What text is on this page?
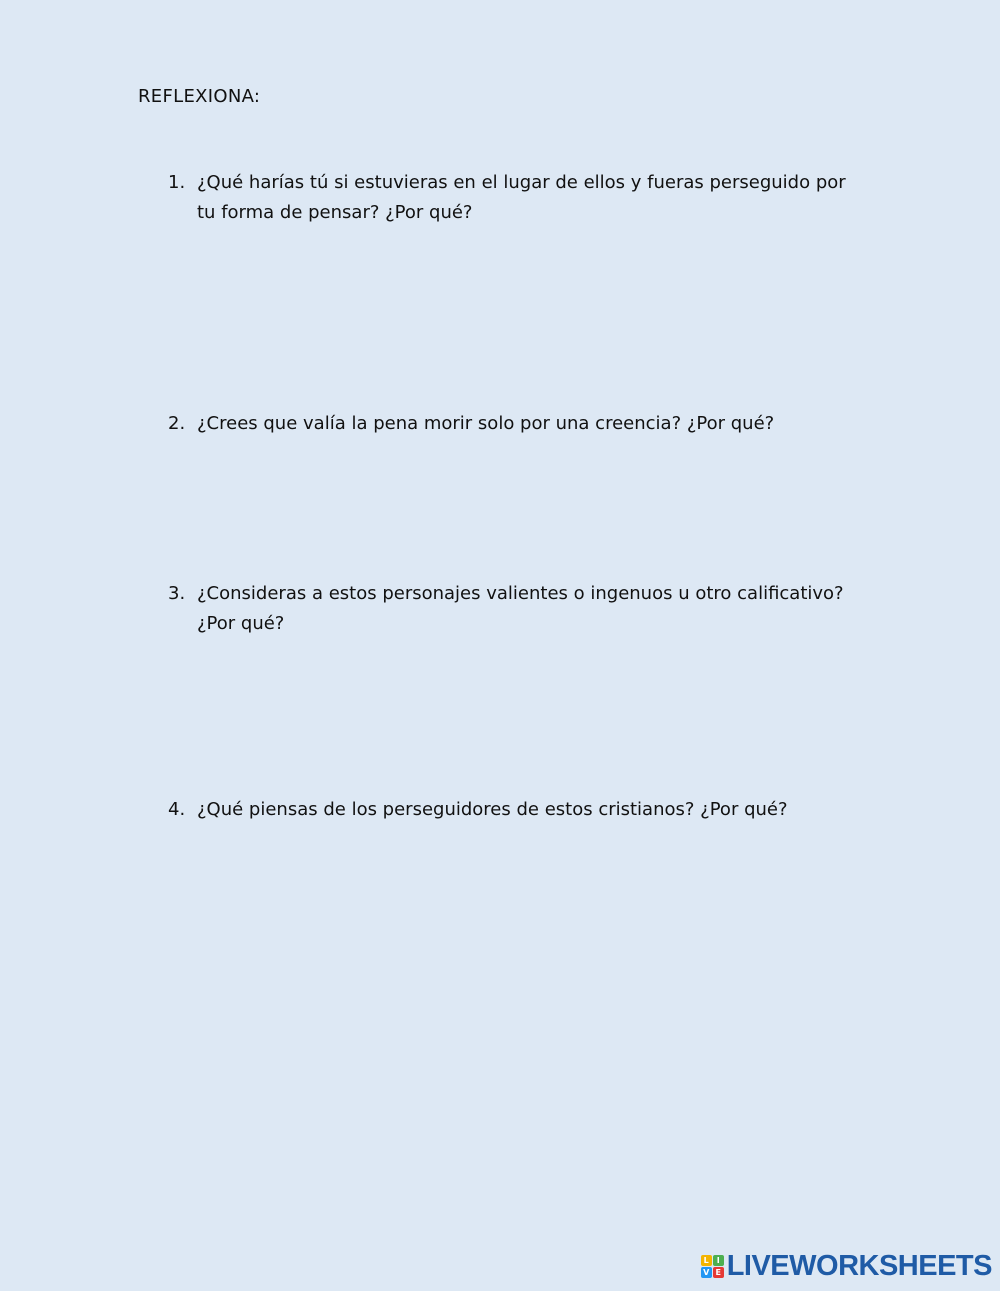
REFLEXIONA:
1. ¿Qué harías tú si estuvieras en el lugar de ellos y fueras perseguido por tu forma de pensar? ¿Por qué?
2. ¿Crees que valía la pena morir solo por una creencia? ¿Por qué?
3. ¿Consideras a estos personajes valientes o ingenuos u otro calificativo? ¿Por qué?
4. ¿Qué piensas de los perseguidores de estos cristianos? ¿Por qué?
L I
V E LIVEWORKSHEETS
